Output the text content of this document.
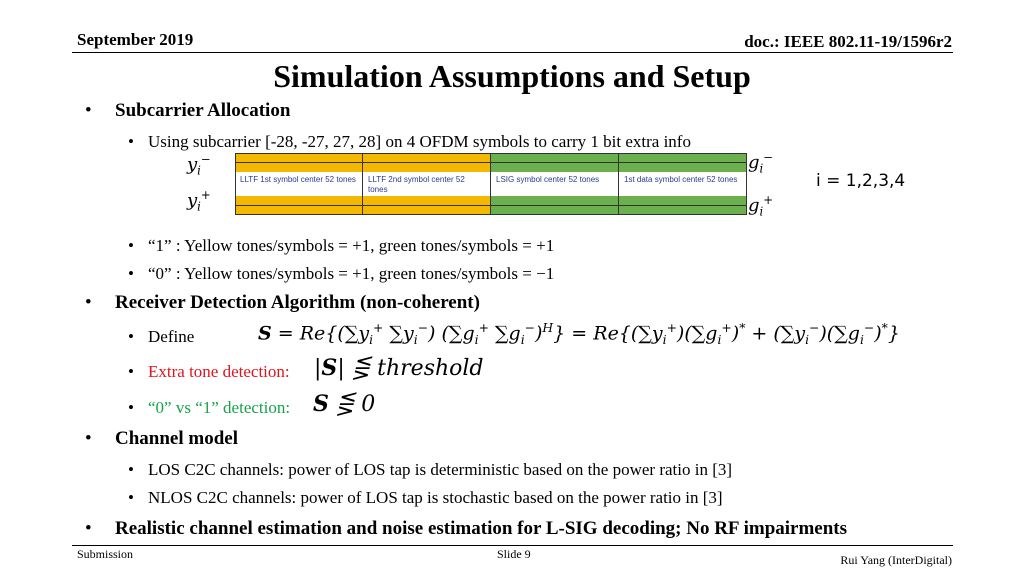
September 2019	doc.: IEEE 802.11-19/1596r2
Simulation Assumptions and Setup
• Subcarrier Allocation
• Using subcarrier [-28, -27, 27, 28] on 4 OFDM symbols to carry 1 bit extra info
$y_i^-$
$y_i^+$
$g_i^-$
$g_i^+$
LLTF 1st symbol center 52 tones	LLTF 2nd symbol center 52 tones
LSIG symbol center 52 tones	1st data symbol center 52 tones	i = 1,2,3,4
• “1” : Yellow tones/symbols = +1, green tones/symbols = +1
• “0” : Yellow tones/symbols = +1, green tones/symbols = −1
• Receiver Detection Algorithm (non-coherent)
• Define	$S = Re\{(\sum y_i^+$ $\sum y_i^-$) ($\sum g_i^+$ $\sum g_i^-)^H\} = Re\{(\sum y_i^+)(\sum g_i^+)^* + (\sum y_i^-)(\sum g_i^-)^*\}$
• Extra tone detection: |S| ⋚ threshold
• “0” vs “1” detection: S ⋚ 0
• Channel model
• LOS C2C channels: power of LOS tap is deterministic based on the power ratio in [3]
• NLOS C2C channels: power of LOS tap is stochastic based on the power ratio in [3]
• Realistic channel estimation and noise estimation for L-SIG decoding; No RF impairments
Submission	Slide 9	Rui Yang (InterDigital)
